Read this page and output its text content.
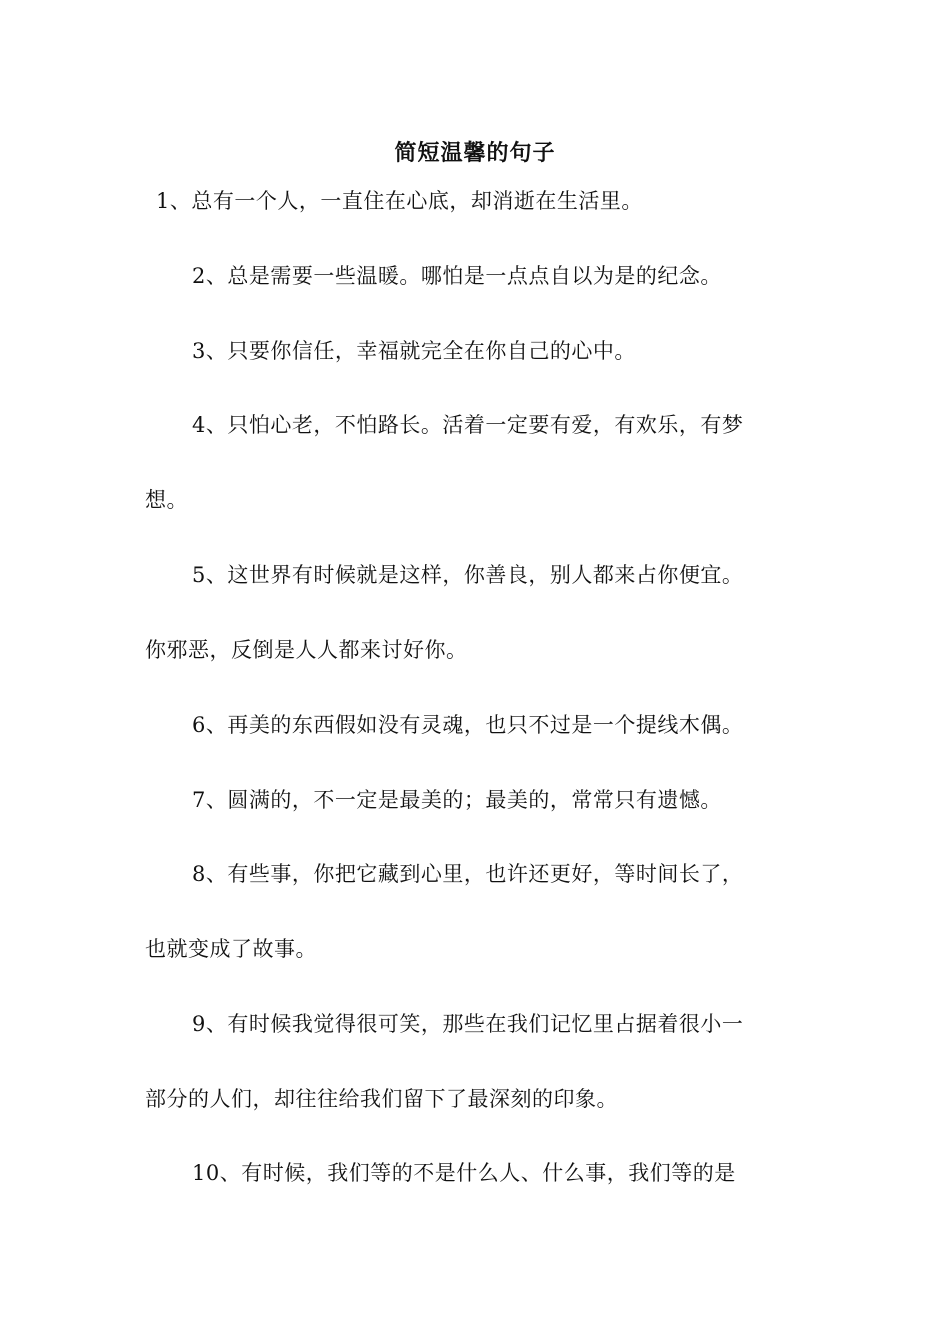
简短温馨的句子
1、总有一个人，一直住在心底，却消逝在生活里。
2、总是需要一些温暖。哪怕是一点点自以为是的纪念。
3、只要你信任，幸福就完全在你自己的心中。
4、只怕心老，不怕路长。活着一定要有爱，有欢乐，有梦
想。
5、这世界有时候就是这样，你善良，别人都来占你便宜。
你邪恶，反倒是人人都来讨好你。
6、再美的东西假如没有灵魂，也只不过是一个提线木偶。
7、圆满的，不一定是最美的；最美的，常常只有遗憾。
8、有些事，你把它藏到心里，也许还更好，等时间长了，
也就变成了故事。
9、有时候我觉得很可笑，那些在我们记忆里占据着很小一
部分的人们，却往往给我们留下了最深刻的印象。
10、有时候，我们等的不是什么人、什么事，我们等的是
